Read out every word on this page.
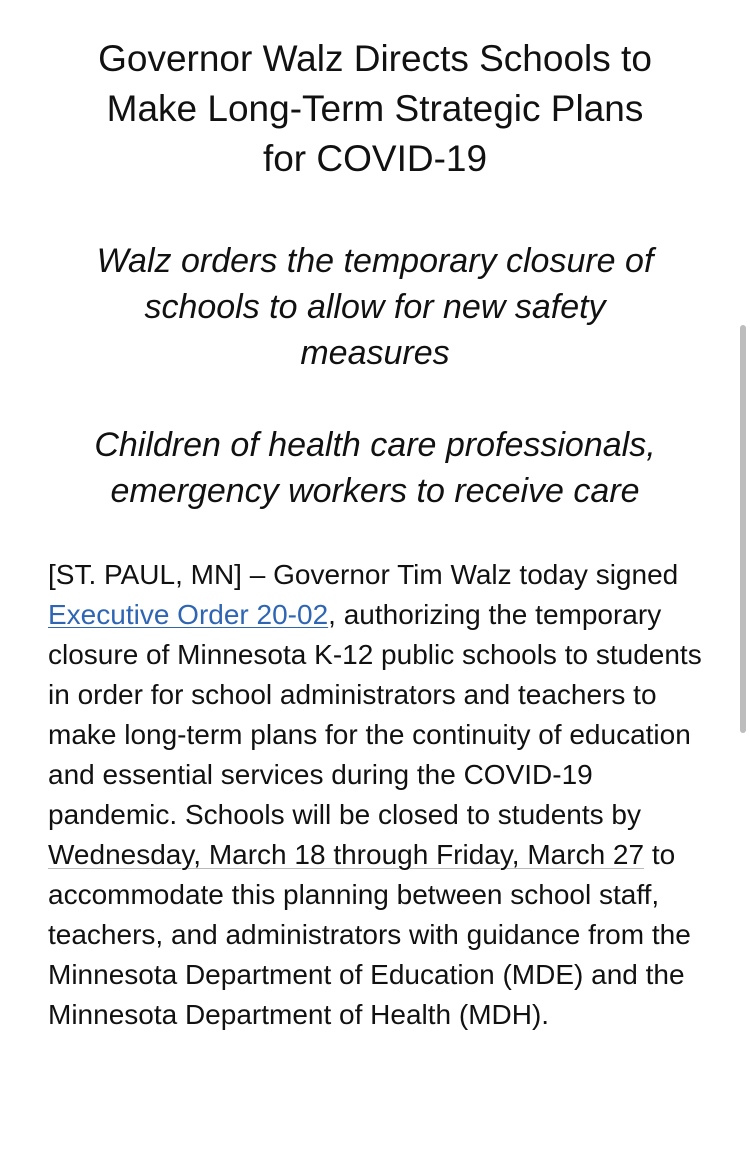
Governor Walz Directs Schools to
Make Long-Term Strategic Plans
for COVID-19
Walz orders the temporary closure of
schools to allow for new safety
measures
Children of health care professionals,
emergency workers to receive care

[ST. PAUL, MN] – Governor Tim Walz today signed Executive Order 20-02, authorizing the temporary closure of Minnesota K-12 public schools to students in order for school administrators and teachers to make long-term plans for the continuity of education and essential services during the COVID-19 pandemic. Schools will be closed to students by Wednesday, March 18 through Friday, March 27 to accommodate this planning between school staff, teachers, and administrators with guidance from the Minnesota Department of Education (MDE) and the Minnesota Department of Health (MDH).
